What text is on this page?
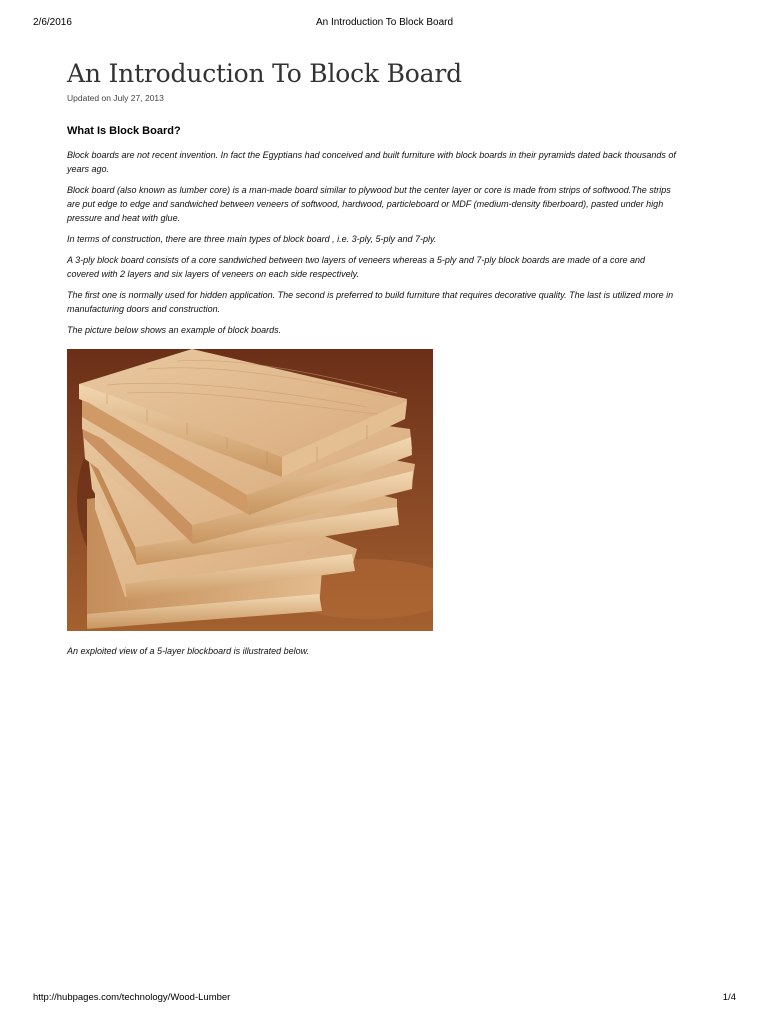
2/6/2016	An Introduction To Block Board
An Introduction To Block Board
Updated on July 27, 2013
What Is Block Board?

Block boards are not recent invention. In fact the Egyptians had conceived and built furniture with block boards in their pyramids dated back thousands of years ago.

Block board (also known as lumber core) is a man-made board similar to plywood but the center layer or core is made from strips of softwood.The strips are put edge to edge and sandwiched between veneers of softwood, hardwood, particleboard or MDF (medium-density fiberboard), pasted under high pressure and heat with glue.

In terms of construction, there are three main types of block board , i.e. 3-ply, 5-ply and 7-ply.

A 3-ply block board consists of a core sandwiched between two layers of veneers whereas a 5-ply and 7-ply block boards are made of a core and covered with 2 layers and six layers of veneers on each side respectively.

The first one is normally used for hidden application. The second is preferred to build furniture that requires decorative quality. The last is utilized more in manufacturing doors and construction.

The picture below shows an example of block boards.

An exploited view of a 5-layer blockboard is illustrated below.

http://hubpages.com/technology/Wood-Lumber	1/4
